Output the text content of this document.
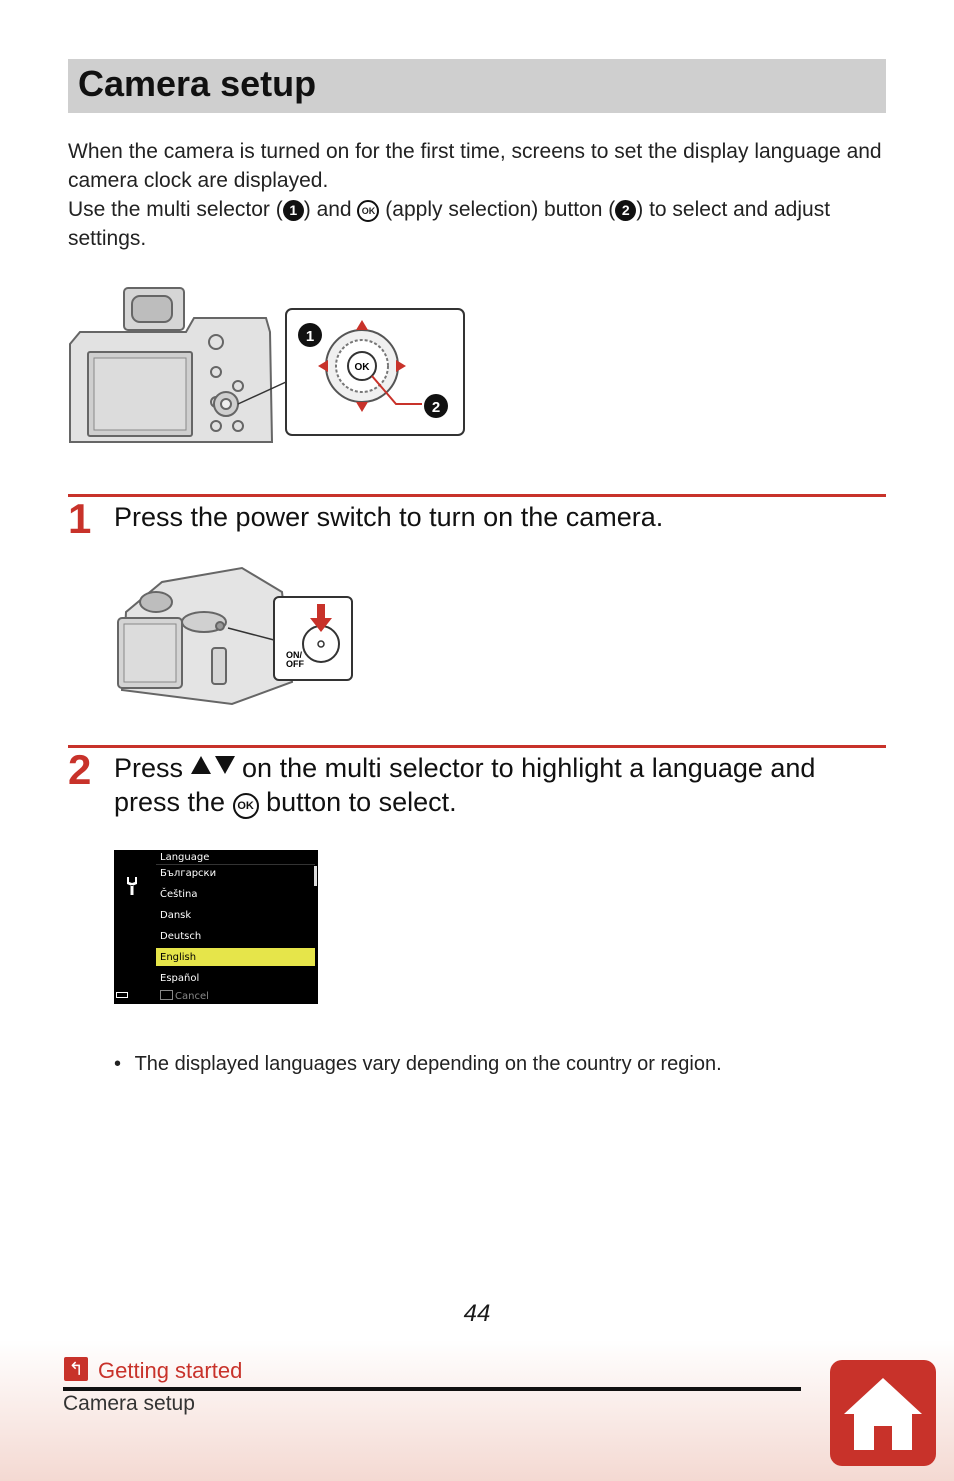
Camera setup

When the camera is turned on for the first time, screens to set the display language and camera clock are displayed.

Use the multi selector ( 1 ) and OK (apply selection) button ( 2 ) to select and adjust settings.

OK
1
2
1 Press the power switch to turn on the camera.
ON/
OFF
2 Press  on the multi selector to highlight a language and press the OK button to select.
Language
Български
Čeština
Dansk
Deutsch
English
Español
Cancel
• The displayed languages vary depending on the country or region.
44
↰ Getting started
Camera setup
